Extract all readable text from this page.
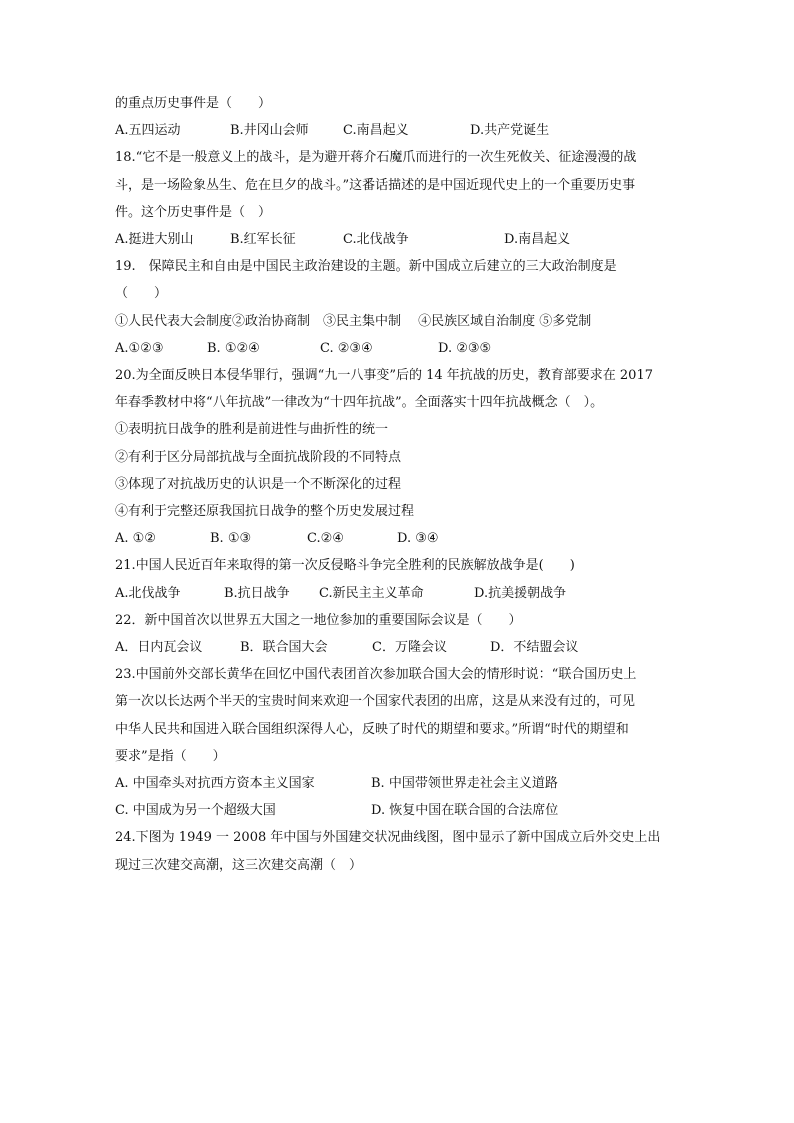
的重点历史事件是（　　）

A.五四运动	B.井冈山会师	C.南昌起义	D.共产党诞生

18.“它不是一般意义上的战斗，是为避开蒋介石魔爪而进行的一次生死攸关、征途漫漫的战

斗，是一场险象丛生、危在旦夕的战斗。”这番话描述的是中国近现代史上的一个重要历史事

件。这个历史事件是（　）

A.挺进大别山	B.红军长征	C.北伐战争	D.南昌起义

19.　保障民主和自由是中国民主政治建设的主题。新中国成立后建立的三大政治制度是

（　　）

①人民代表大会制度②政治协商制　③民主集中制　 ④民族区域自治制度 ⑤多党制

A.①②③	B. ①②④	C. ②③④	D. ②③⑤

20.为全面反映日本侵华罪行，强调“九一八事变”后的 14 年抗战的历史，教育部要求在 2017

年春季教材中将“八年抗战”一律改为“十四年抗战”。全面落实十四年抗战概念（　）。

①表明抗日战争的胜利是前进性与曲折性的统一

②有利于区分局部抗战与全面抗战阶段的不同特点

③体现了对抗战历史的认识是一个不断深化的过程

④有利于完整还原我国抗日战争的整个历史发展过程

A. ①②	B. ①③	C.②④	D. ③④

21.中国人民近百年来取得的第一次反侵略斗争完全胜利的民族解放战争是(　　)

A.北伐战争	B.抗日战争	C.新民主主义革命	D.抗美援朝战争

22．新中国首次以世界五大国之一地位参加的重要国际会议是（　　）

A．日内瓦会议	B．联合国大会	C．万隆会议	D．不结盟会议

23.中国前外交部长黄华在回忆中国代表团首次参加联合国大会的情形时说：“联合国历史上

第一次以长达两个半天的宝贵时间来欢迎一个国家代表团的出席，这是从来没有过的，可见

中华人民共和国进入联合国组织深得人心，反映了时代的期望和要求。”所谓“时代的期望和

要求”是指（　　）

A. 中国牵头对抗西方资本主义国家	B. 中国带领世界走社会主义道路
C. 中国成为另一个超级大国	D. 恢复中国在联合国的合法席位

24.下图为 1949 一 2008 年中国与外国建交状况曲线图，图中显示了新中国成立后外交史上出

现过三次建交高潮，这三次建交高潮（　）
